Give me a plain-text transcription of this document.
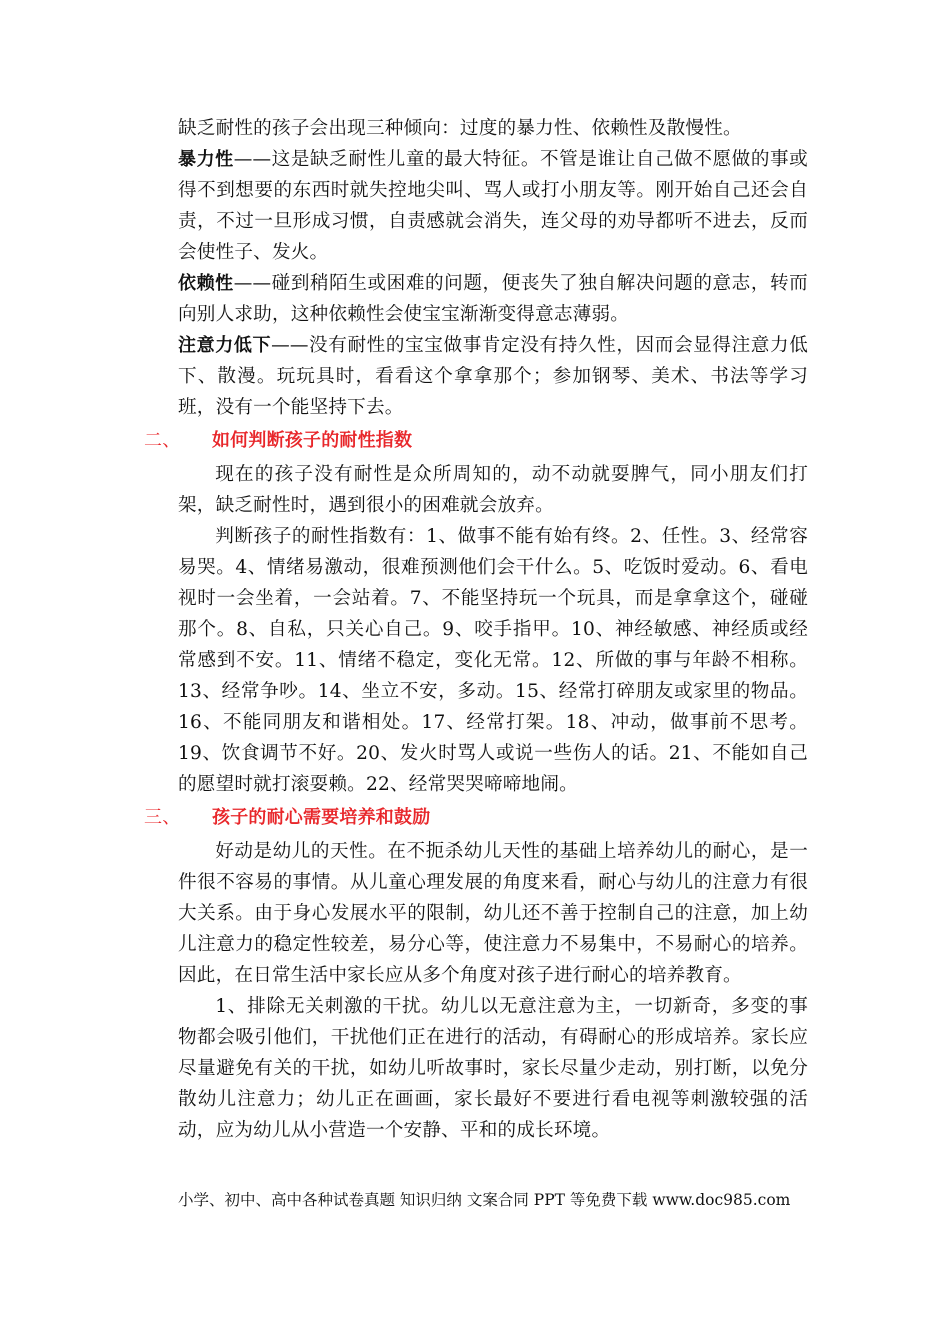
缺乏耐性的孩子会出现三种倾向：过度的暴力性、依赖性及散慢性。

暴力性——这是缺乏耐性儿童的最大特征。不管是谁让自己做不愿做的事或得不到想要的东西时就失控地尖叫、骂人或打小朋友等。刚开始自己还会自责，不过一旦形成习惯，自责感就会消失，连父母的劝导都听不进去，反而会使性子、发火。

依赖性——碰到稍陌生或困难的问题，便丧失了独自解决问题的意志，转而向别人求助，这种依赖性会使宝宝渐渐变得意志薄弱。

注意力低下——没有耐性的宝宝做事肯定没有持久性，因而会显得注意力低下、散漫。玩玩具时，看看这个拿拿那个；参加钢琴、美术、书法等学习班，没有一个能坚持下去。

二、 如何判断孩子的耐性指数

现在的孩子没有耐性是众所周知的，动不动就耍脾气，同小朋友们打架，缺乏耐性时，遇到很小的困难就会放弃。

判断孩子的耐性指数有：1、做事不能有始有终。2、任性。3、经常容易哭。4、情绪易激动，很难预测他们会干什么。5、吃饭时爱动。6、看电视时一会坐着，一会站着。7、不能坚持玩一个玩具，而是拿拿这个，碰碰那个。8、自私，只关心自己。9、咬手指甲。10、神经敏感、神经质或经常感到不安。11、情绪不稳定，变化无常。12、所做的事与年龄不相称。13、经常争吵。14、坐立不安，多动。15、经常打碎朋友或家里的物品。16、不能同朋友和谐相处。17、经常打架。18、冲动，做事前不思考。19、饮食调节不好。20、发火时骂人或说一些伤人的话。21、不能如自己的愿望时就打滚耍赖。22、经常哭哭啼啼地闹。

三、 孩子的耐心需要培养和鼓励

好动是幼儿的天性。在不扼杀幼儿天性的基础上培养幼儿的耐心，是一件很不容易的事情。从儿童心理发展的角度来看，耐心与幼儿的注意力有很大关系。由于身心发展水平的限制，幼儿还不善于控制自己的注意，加上幼儿注意力的稳定性较差，易分心等，使注意力不易集中，不易耐心的培养。因此，在日常生活中家长应从多个角度对孩子进行耐心的培养教育。

1、排除无关刺激的干扰。幼儿以无意注意为主，一切新奇，多变的事物都会吸引他们，干扰他们正在进行的活动，有碍耐心的形成培养。家长应尽量避免有关的干扰，如幼儿听故事时，家长尽量少走动，别打断，以免分散幼儿注意力；幼儿正在画画，家长最好不要进行看电视等刺激较强的活动，应为幼儿从小营造一个安静、平和的成长环境。

小学、初中、高中各种试卷真题 知识归纳 文案合同 PPT 等免费下载 www.doc985.com
